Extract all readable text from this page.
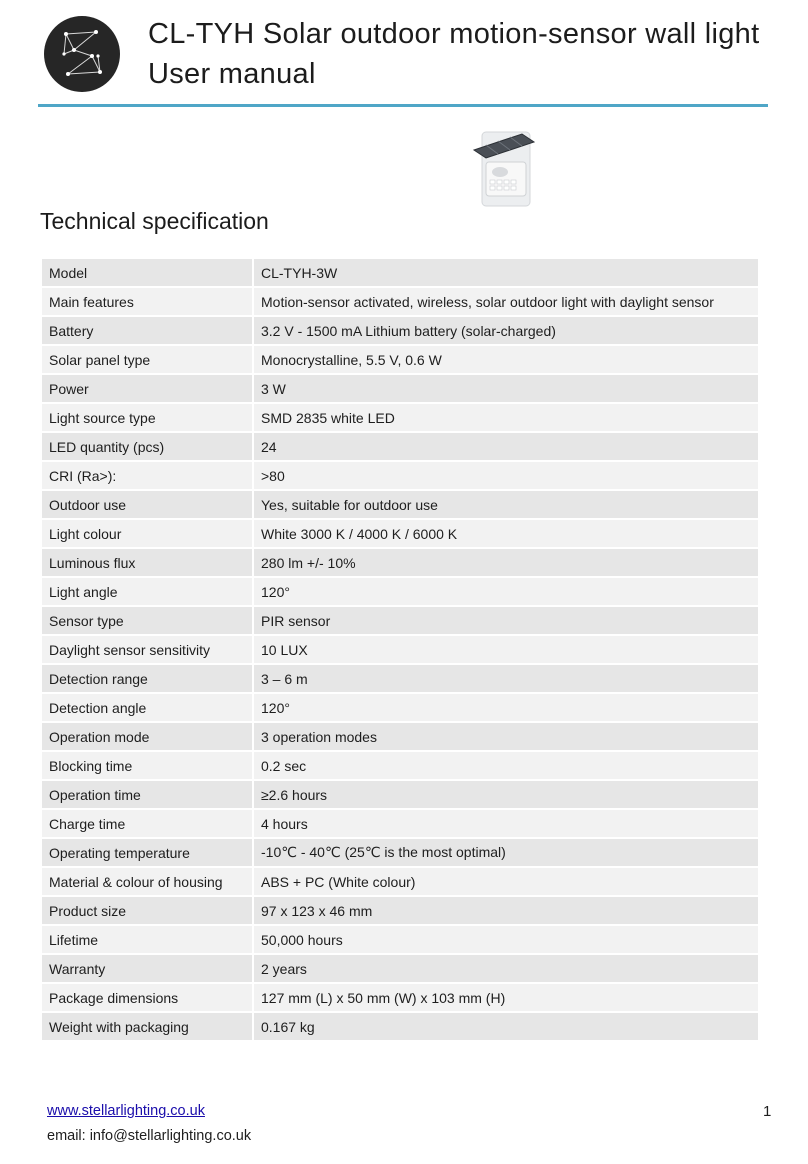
CL-TYH Solar outdoor motion-sensor wall light
User manual
Technical specification
Model	CL-TYH-3W
Main features	Motion-sensor activated, wireless, solar outdoor light with daylight sensor
Battery	3.2 V - 1500 mA Lithium battery (solar-charged)
Solar panel type	Monocrystalline, 5.5 V, 0.6 W
Power	3 W
Light source type	SMD 2835 white LED
LED quantity (pcs)	24
CRI (Ra>):	>80
Outdoor use	Yes, suitable for outdoor use
Light colour	White 3000 K / 4000 K / 6000 K
Luminous flux	280 lm +/- 10%
Light angle	120°
Sensor type	PIR sensor
Daylight sensor sensitivity	10 LUX
Detection range	3 – 6 m
Detection angle	120°
Operation mode	3 operation modes
Blocking time	0.2 sec
Operation time	≥2.6 hours
Charge time	4 hours
Operating temperature	-10℃ - 40℃ (25℃ is the most optimal)
Material & colour of housing	ABS + PC (White colour)
Product size	97 x 123 x 46 mm
Lifetime	50,000 hours
Warranty	2 years
Package dimensions	127 mm (L) x 50 mm (W) x 103 mm (H)
Weight with packaging	0.167 kg
www.stellarlighting.co.uk
email: info@stellarlighting.co.uk
1
